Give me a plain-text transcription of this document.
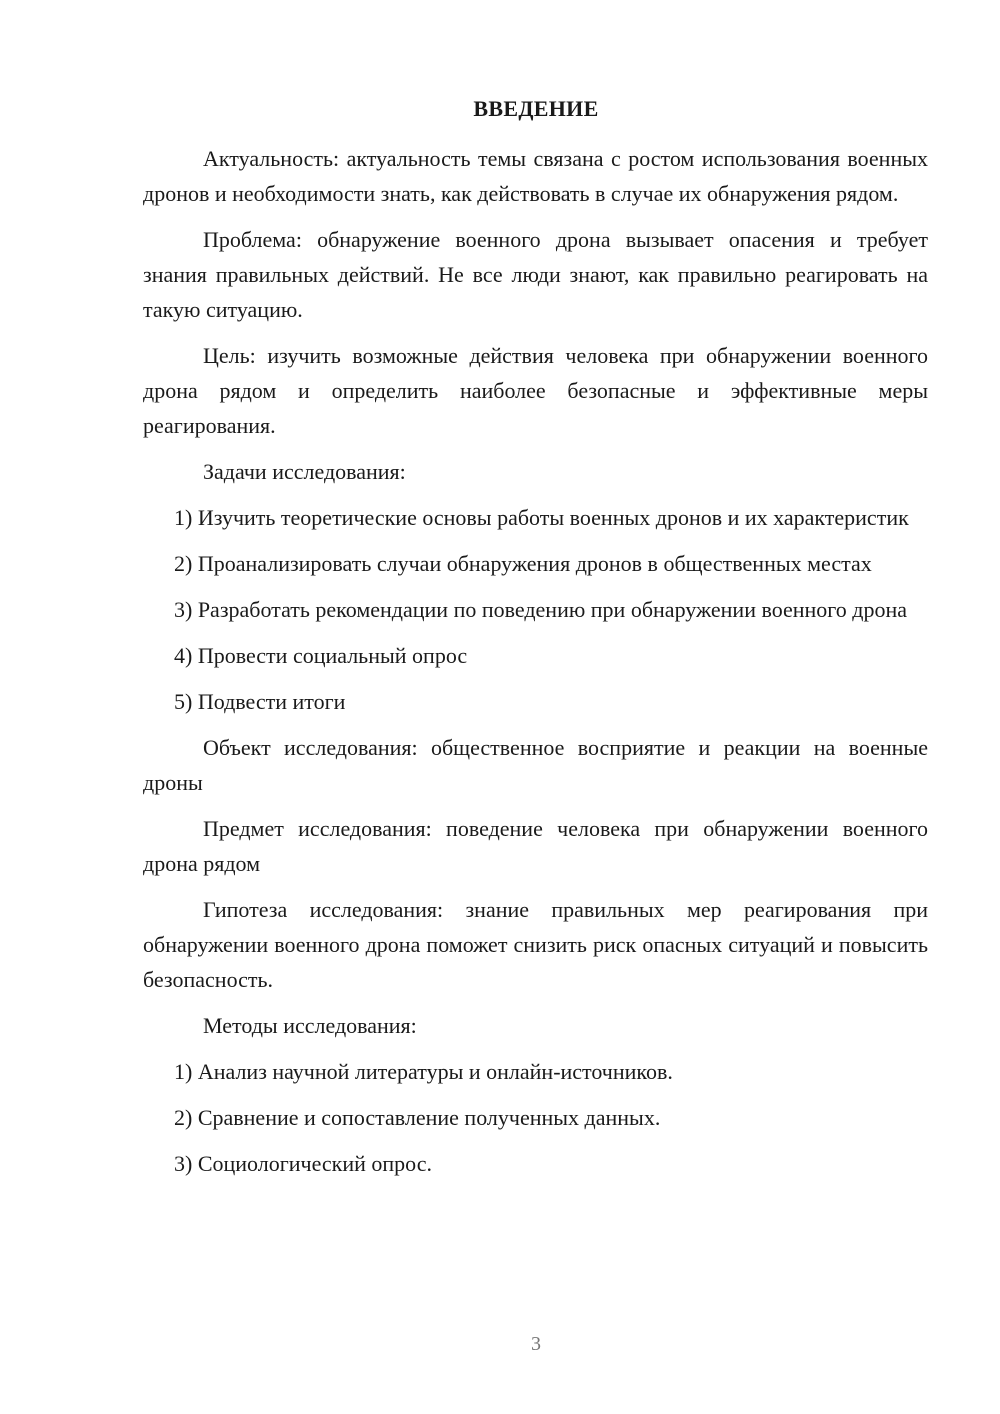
ВВЕДЕНИЕ

Актуальность: актуальность темы связана с ростом использования военных дронов и необходимости знать, как действовать в случае их обнаружения рядом.

Проблема: обнаружение военного дрона вызывает опасения и требует знания правильных действий. Не все люди знают, как правильно реагировать на такую ситуацию.

Цель: изучить возможные действия человека при обнаружении военного дрона рядом и определить наиболее безопасные и эффективные меры реагирования.

Задачи исследования:

1) Изучить теоретические основы работы военных дронов и их характеристик

2) Проанализировать случаи обнаружения дронов в общественных местах

3) Разработать рекомендации по поведению при обнаружении военного дрона

4) Провести социальный опрос

5) Подвести итоги

Объект исследования: общественное восприятие и реакции на военные дроны

Предмет исследования: поведение человека при обнаружении военного дрона рядом

Гипотеза исследования: знание правильных мер реагирования при обнаружении военного дрона поможет снизить риск опасных ситуаций и повысить безопасность.

Методы исследования:

1) Анализ научной литературы и онлайн-источников.

2) Сравнение и сопоставление полученных данных.

3) Социологический опрос.

3
